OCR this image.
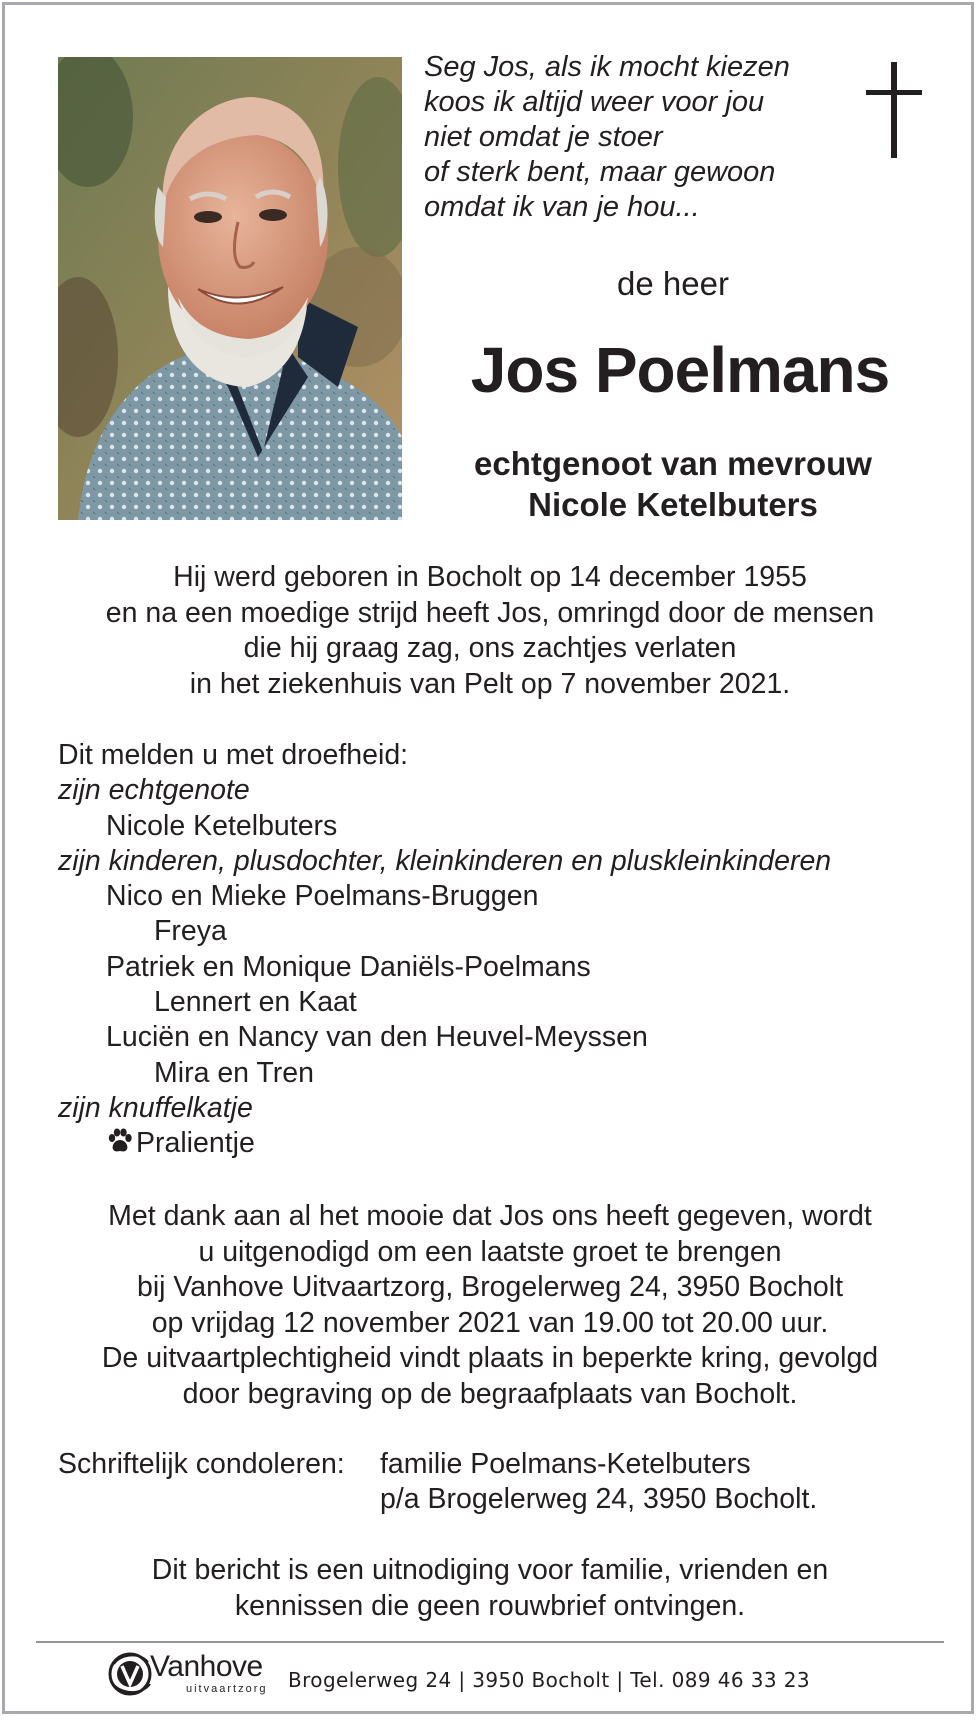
Seg Jos, als ik mocht kiezen
koos ik altijd weer voor jou
niet omdat je stoer
of sterk bent, maar gewoon
omdat ik van je hou...
de heer
Jos Poelmans
echtgenoot van mevrouw
Nicole Ketelbuters
Hij werd geboren in Bocholt op 14 december 1955
en na een moedige strijd heeft Jos, omringd door de mensen
die hij graag zag, ons zachtjes verlaten
in het ziekenhuis van Pelt op 7 november 2021.
Dit melden u met droefheid:
zijn echtgenote
Nicole Ketelbuters
zijn kinderen, plusdochter, kleinkinderen en pluskleinkinderen
Nico en Mieke Poelmans-Bruggen
Freya
Patriek en Monique Daniëls-Poelmans
Lennert en Kaat
Luciën en Nancy van den Heuvel-Meyssen
Mira en Tren
zijn knuffelkatje
Pralientje
Met dank aan al het mooie dat Jos ons heeft gegeven, wordt
u uitgenodigd om een laatste groet te brengen
bij Vanhove Uitvaartzorg, Brogelerweg 24, 3950 Bocholt
op vrijdag 12 november 2021 van 19.00 tot 20.00 uur.
De uitvaartplechtigheid vindt plaats in beperkte kring, gevolgd
door begraving op de begraafplaats van Bocholt.
Schriftelijk condoleren: familie Poelmans-Ketelbuters
p/a Brogelerweg 24, 3950 Bocholt.
Dit bericht is een uitnodiging voor familie, vrienden en
kennissen die geen rouwbrief ontvingen.
Vanhove
uitvaartzorg Brogelerweg 24 | 3950 Bocholt | Tel. 089 46 33 23
